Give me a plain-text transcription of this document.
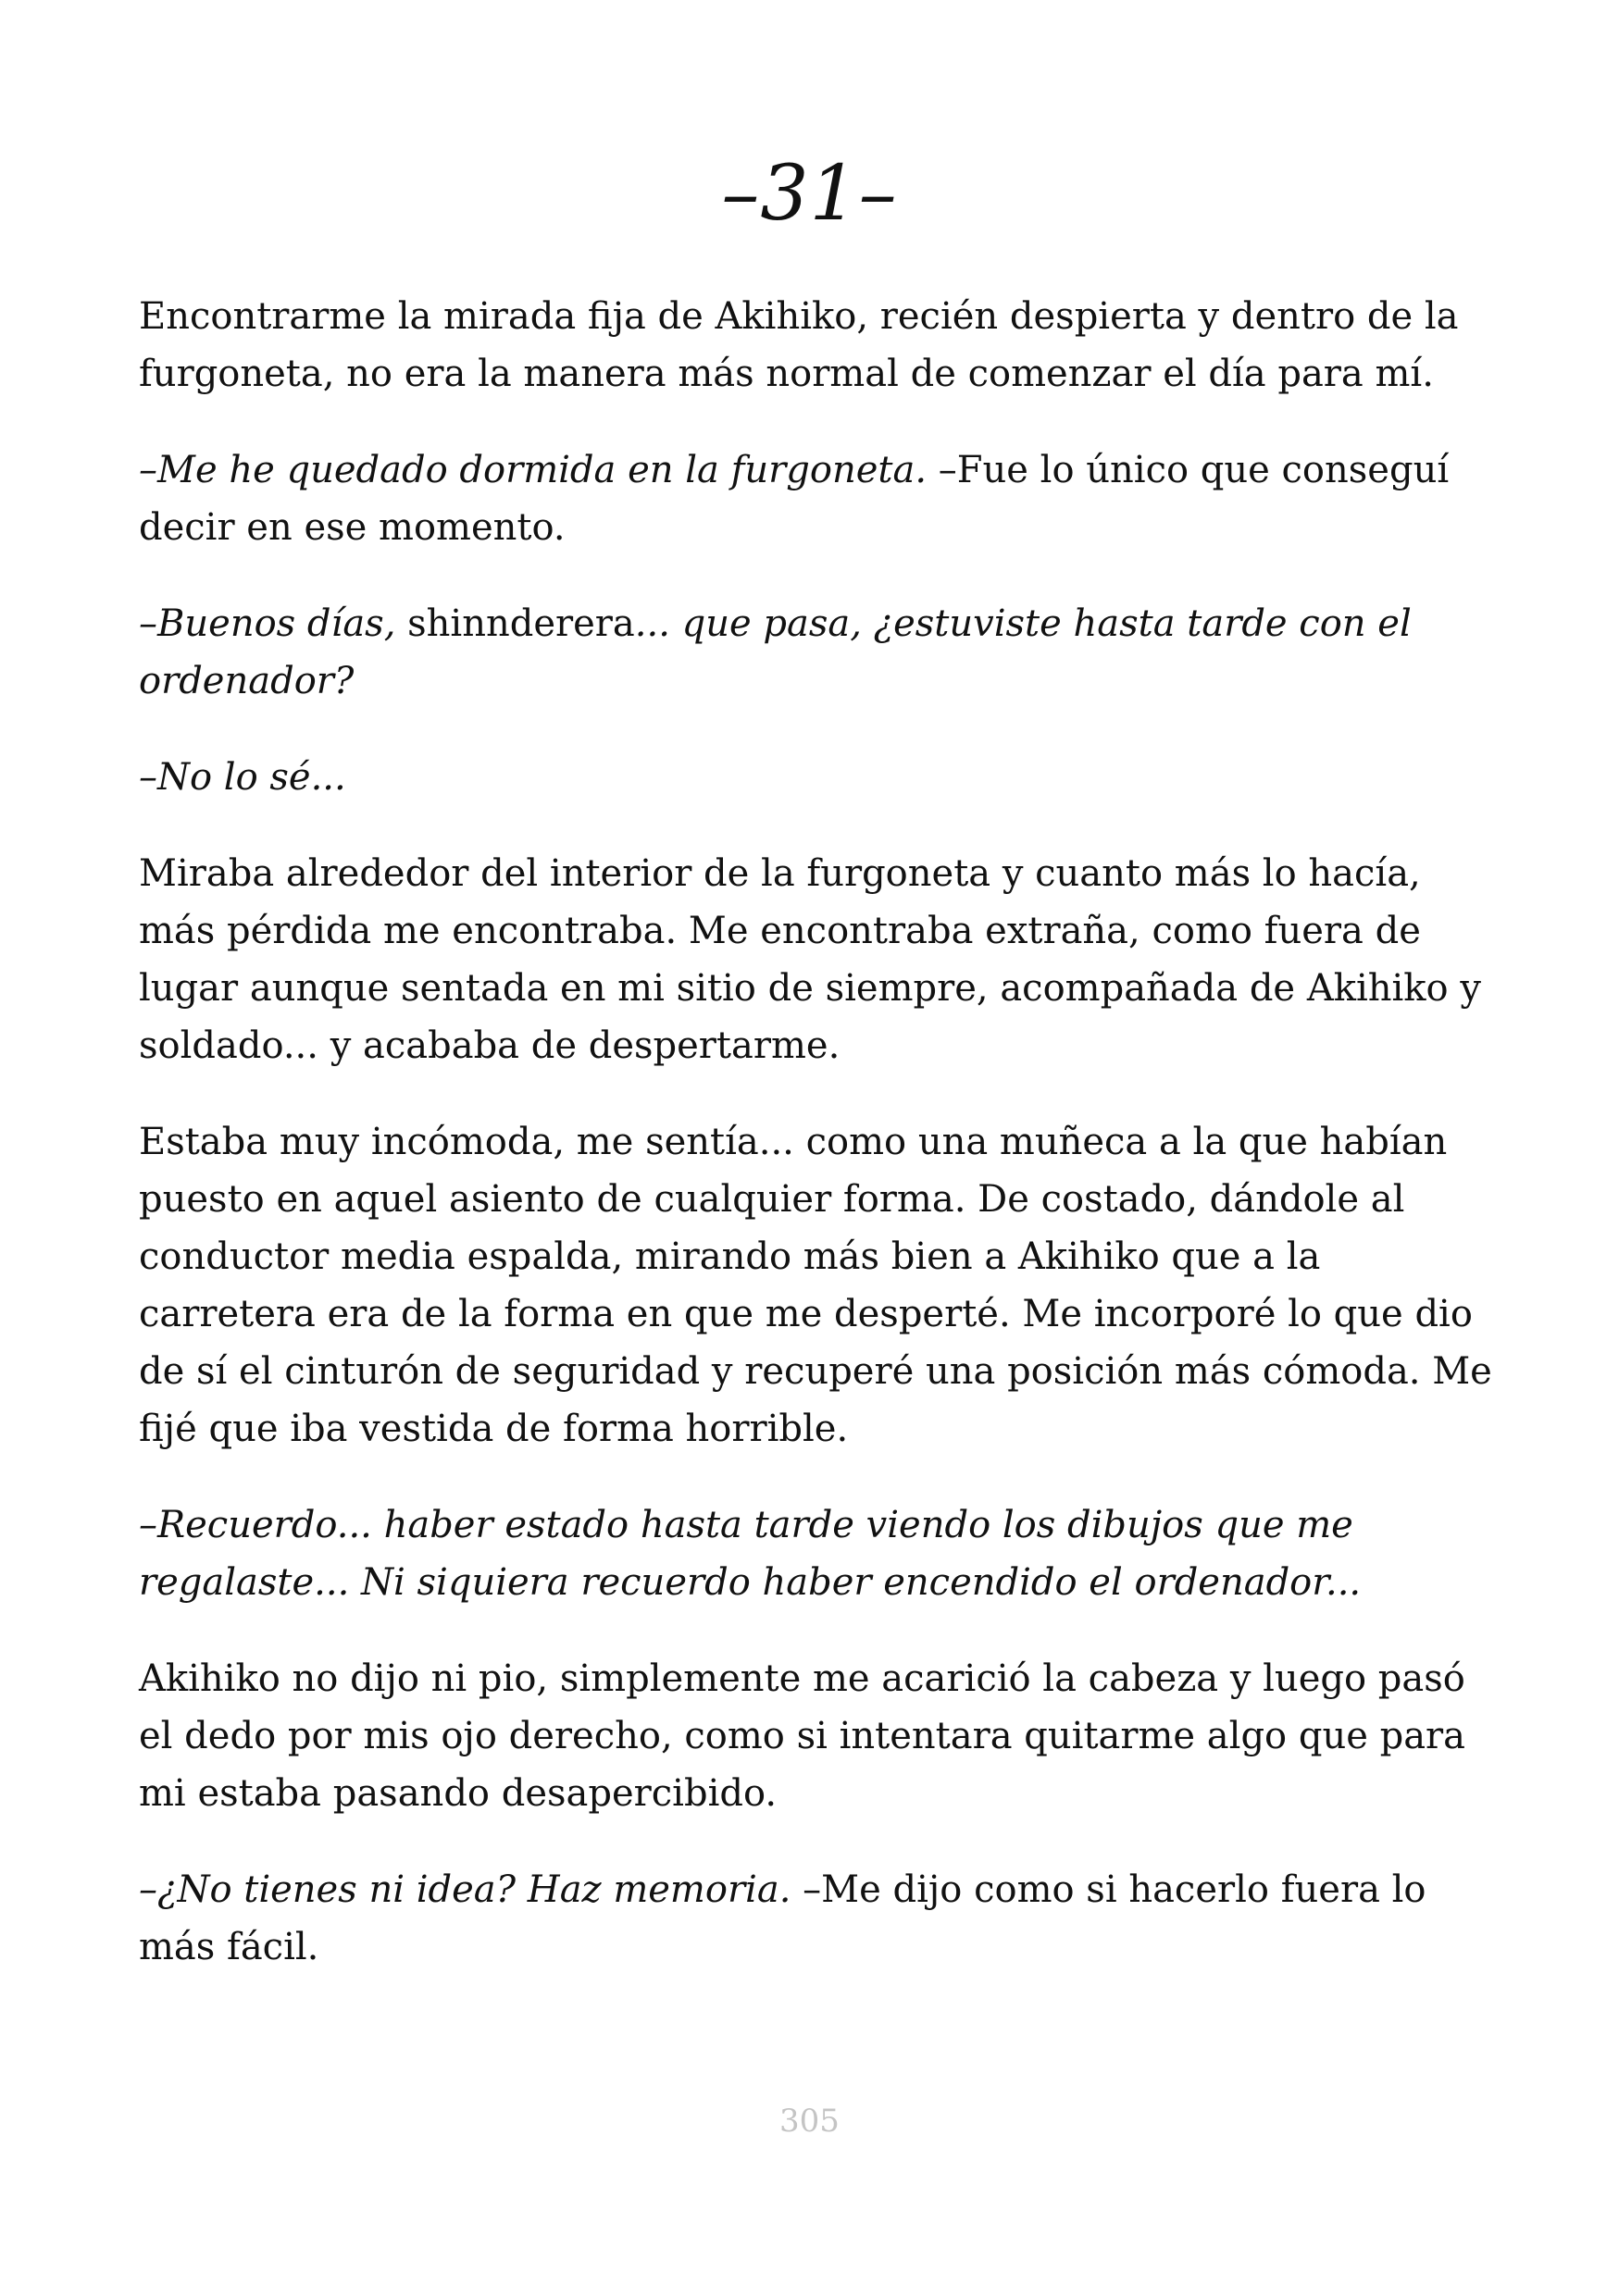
–31–

Encontrarme la mirada fija de Akihiko, recién despierta y dentro de la furgoneta, no era la manera más normal de comenzar el día para mí.

–Me he quedado dormida en la furgoneta. –Fue lo único que conseguí decir en ese momento.

–Buenos días, shinnderera... que pasa, ¿estuviste hasta tarde con el ordenador?

–No lo sé...

Miraba alrededor del interior de la furgoneta y cuanto más lo hacía, más pérdida me encontraba. Me encontraba extraña, como fuera de lugar aunque sentada en mi sitio de siempre, acompañada de Akihiko y soldado... y acababa de despertarme.

Estaba muy incómoda, me sentía... como una muñeca a la que habían puesto en aquel asiento de cualquier forma. De costado, dándole al conductor media espalda, mirando más bien a Akihiko que a la carretera era de la forma en que me desperté. Me incorporé lo que dio de sí el cinturón de seguridad y recuperé una posición más cómoda. Me fijé que iba vestida de forma horrible.

–Recuerdo... haber estado hasta tarde viendo los dibujos que me regalaste... Ni siquiera recuerdo haber encendido el ordenador...

Akihiko no dijo ni pio, simplemente me acarició la cabeza y luego pasó el dedo por mis ojo derecho, como si intentara quitarme algo que para mi estaba pasando desapercibido.

–¿No tienes ni idea? Haz memoria. –Me dijo como si hacerlo fuera lo más fácil.

305
